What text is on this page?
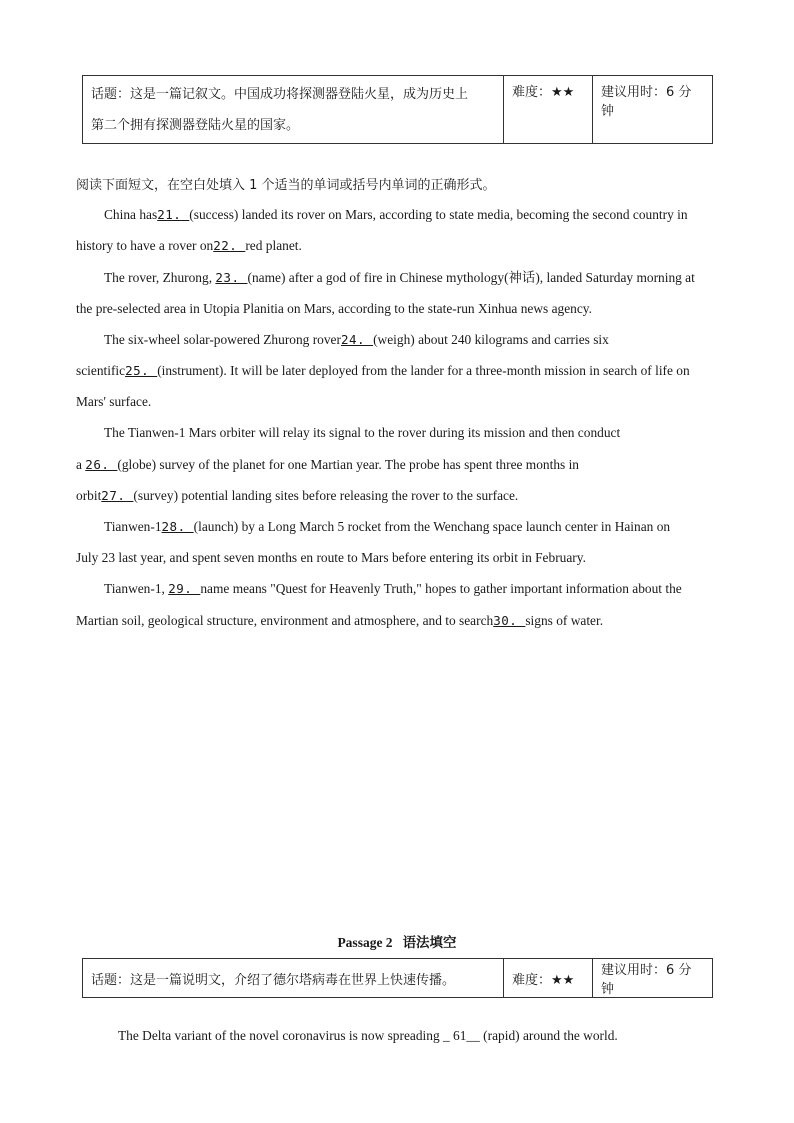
话题：这是一篇记叙文。中国成功将探测器登陆火星，成为历史上
第二个拥有探测器登陆火星的国家。
	难度：★★	建议用时：6 分钟
阅读下面短文，在空白处填入 1 个适当的单词或括号内单词的正确形式。
China has21. (success) landed its rover on Mars, according to state media, becoming the second country in
history to have a rover on22. red planet.
The rover, Zhurong, 23. (name) after a god of fire in Chinese mythology(神话), landed Saturday morning at
the pre-selected area in Utopia Planitia on Mars, according to the state-run Xinhua news agency.
The six-wheel solar-powered Zhurong rover24. (weigh) about 240 kilograms and carries six
scientific25. (instrument). It will be later deployed from the lander for a three-month mission in search of life on
Mars' surface.
The Tianwen-1 Mars orbiter will relay its signal to the rover during its mission and then conduct
a 26. (globe) survey of the planet for one Martian year. The probe has spent three months in
orbit27. (survey) potential landing sites before releasing the rover to the surface.
Tianwen-128. (launch) by a Long March 5 rocket from the Wenchang space launch center in Hainan on
July 23 last year, and spent seven months en route to Mars before entering its orbit in February.
Tianwen-1, 29. name means "Quest for Heavenly Truth," hopes to gather important information about the
Martian soil, geological structure, environment and atmosphere, and to search30. signs of water.
Passage 2 语法填空
话题：这是一篇说明文，介绍了德尔塔病毒在世界上快速传播。	难度：★★	建议用时：6 分钟
The Delta variant of the novel coronavirus is now spreading _ 61__ (rapid) around the world.
